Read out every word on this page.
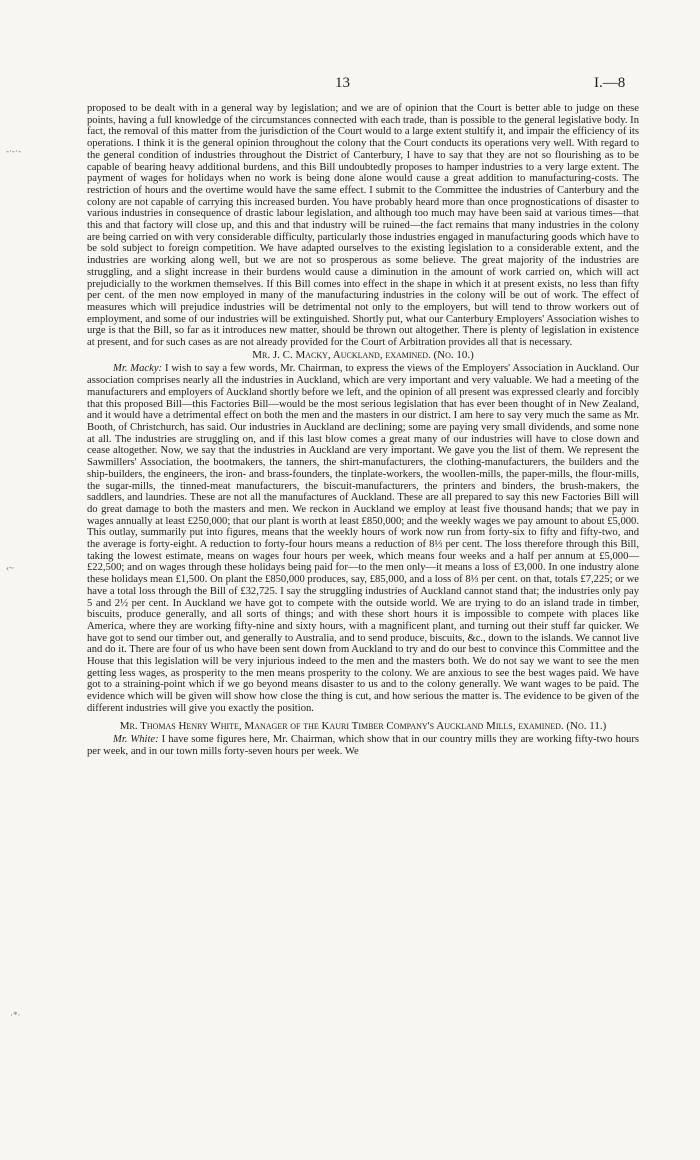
13	I.—8
-·-·-
‹~
·*·

proposed to be dealt with in a general way by legislation; and we are of opinion that the Court is better able to judge on these points, having a full knowledge of the circumstances connected with each trade, than is possible to the general legislative body. In fact, the removal of this matter from the jurisdiction of the Court would to a large extent stultify it, and impair the efficiency of its operations. I think it is the general opinion throughout the colony that the Court conducts its operations very well. With regard to the general condition of industries throughout the District of Canterbury, I have to say that they are not so flourishing as to be capable of bearing heavy additional burdens, and this Bill undoubtedly proposes to hamper industries to a very large extent. The payment of wages for holidays when no work is being done alone would cause a great addition to manufacturing-costs. The restriction of hours and the overtime would have the same effect. I submit to the Committee the industries of Canterbury and the colony are not capable of carrying this increased burden. You have probably heard more than once prognostications of disaster to various industries in consequence of drastic labour legislation, and although too much may have been said at various times—that this and that factory will close up, and this and that industry will be ruined—the fact remains that many industries in the colony are being carried on with very considerable difficulty, particularly those industries engaged in manufacturing goods which have to be sold subject to foreign competition. We have adapted ourselves to the existing legislation to a considerable extent, and the industries are working along well, but we are not so prosperous as some believe. The great majority of the industries are struggling, and a slight increase in their burdens would cause a diminution in the amount of work carried on, which will act prejudicially to the workmen themselves. If this Bill comes into effect in the shape in which it at present exists, no less than fifty per cent. of the men now employed in many of the manufacturing industries in the colony will be out of work. The effect of measures which will prejudice industries will be detrimental not only to the employers, but will tend to throw workers out of employment, and some of our industries will be extinguished. Shortly put, what our Canterbury Employers' Association wishes to urge is that the Bill, so far as it introduces new matter, should be thrown out altogether. There is plenty of legislation in existence at present, and for such cases as are not already provided for the Court of Arbitration provides all that is necessary.

Mr. J. C. Macky, Auckland, examined. (No. 10.)

Mr. Macky: I wish to say a few words, Mr. Chairman, to express the views of the Employers' Association in Auckland. Our association comprises nearly all the industries in Auckland, which are very important and very valuable. We had a meeting of the manufacturers and employers of Auckland shortly before we left, and the opinion of all present was expressed clearly and forcibly that this proposed Bill—this Factories Bill—would be the most serious legislation that has ever been thought of in New Zealand, and it would have a detrimental effect on both the men and the masters in our district. I am here to say very much the same as Mr. Booth, of Christchurch, has said. Our industries in Auckland are declining; some are paying very small dividends, and some none at all. The industries are struggling on, and if this last blow comes a great many of our industries will have to close down and cease altogether. Now, we say that the industries in Auckland are very important. We gave you the list of them. We represent the Sawmillers' Association, the bootmakers, the tanners, the shirt-manufacturers, the clothing-manufacturers, the builders and the ship-builders, the engineers, the iron- and brass-founders, the tinplate-workers, the woollen-mills, the paper-mills, the flour-mills, the sugar-mills, the tinned-meat manufacturers, the biscuit-manufacturers, the printers and binders, the brush-makers, the saddlers, and laundries. These are not all the manufactures of Auckland. These are all prepared to say this new Factories Bill will do great damage to both the masters and men. We reckon in Auckland we employ at least five thousand hands; that we pay in wages annually at least £250,000; that our plant is worth at least £850,000; and the weekly wages we pay amount to about £5,000. This outlay, summarily put into figures, means that the weekly hours of work now run from forty-six to fifty and fifty-two, and the average is forty-eight. A reduction to forty-four hours means a reduction of 8⅓ per cent. The loss therefore through this Bill, taking the lowest estimate, means on wages four hours per week, which means four weeks and a half per annum at £5,000—£22,500; and on wages through these holidays being paid for—to the men only—it means a loss of £3,000. In one industry alone these holidays mean £1,500. On plant the £850,000 produces, say, £85,000, and a loss of 8⅓ per cent. on that, totals £7,225; or we have a total loss through the Bill of £32,725. I say the struggling industries of Auckland cannot stand that; the industries only pay 5 and 2½ per cent. In Auckland we have got to compete with the outside world. We are trying to do an island trade in timber, biscuits, produce generally, and all sorts of things; and with these short hours it is impossible to compete with places like America, where they are working fifty-nine and sixty hours, with a magnificent plant, and turning out their stuff far quicker. We have got to send our timber out, and generally to Australia, and to send produce, biscuits, &c., down to the islands. We cannot live and do it. There are four of us who have been sent down from Auckland to try and do our best to convince this Committee and the House that this legislation will be very injurious indeed to the men and the masters both. We do not say we want to see the men getting less wages, as prosperity to the men means prosperity to the colony. We are anxious to see the best wages paid. We have got to a straining-point which if we go beyond means disaster to us and to the colony generally. We want wages to be paid. The evidence which will be given will show how close the thing is cut, and how serious the matter is. The evidence to be given of the different industries will give you exactly the position.

Mr. Thomas Henry White, Manager of the Kauri Timber Company's Auckland Mills, examined. (No. 11.)

Mr. White: I have some figures here, Mr. Chairman, which show that in our country mills they are working fifty-two hours per week, and in our town mills forty-seven hours per week. We
